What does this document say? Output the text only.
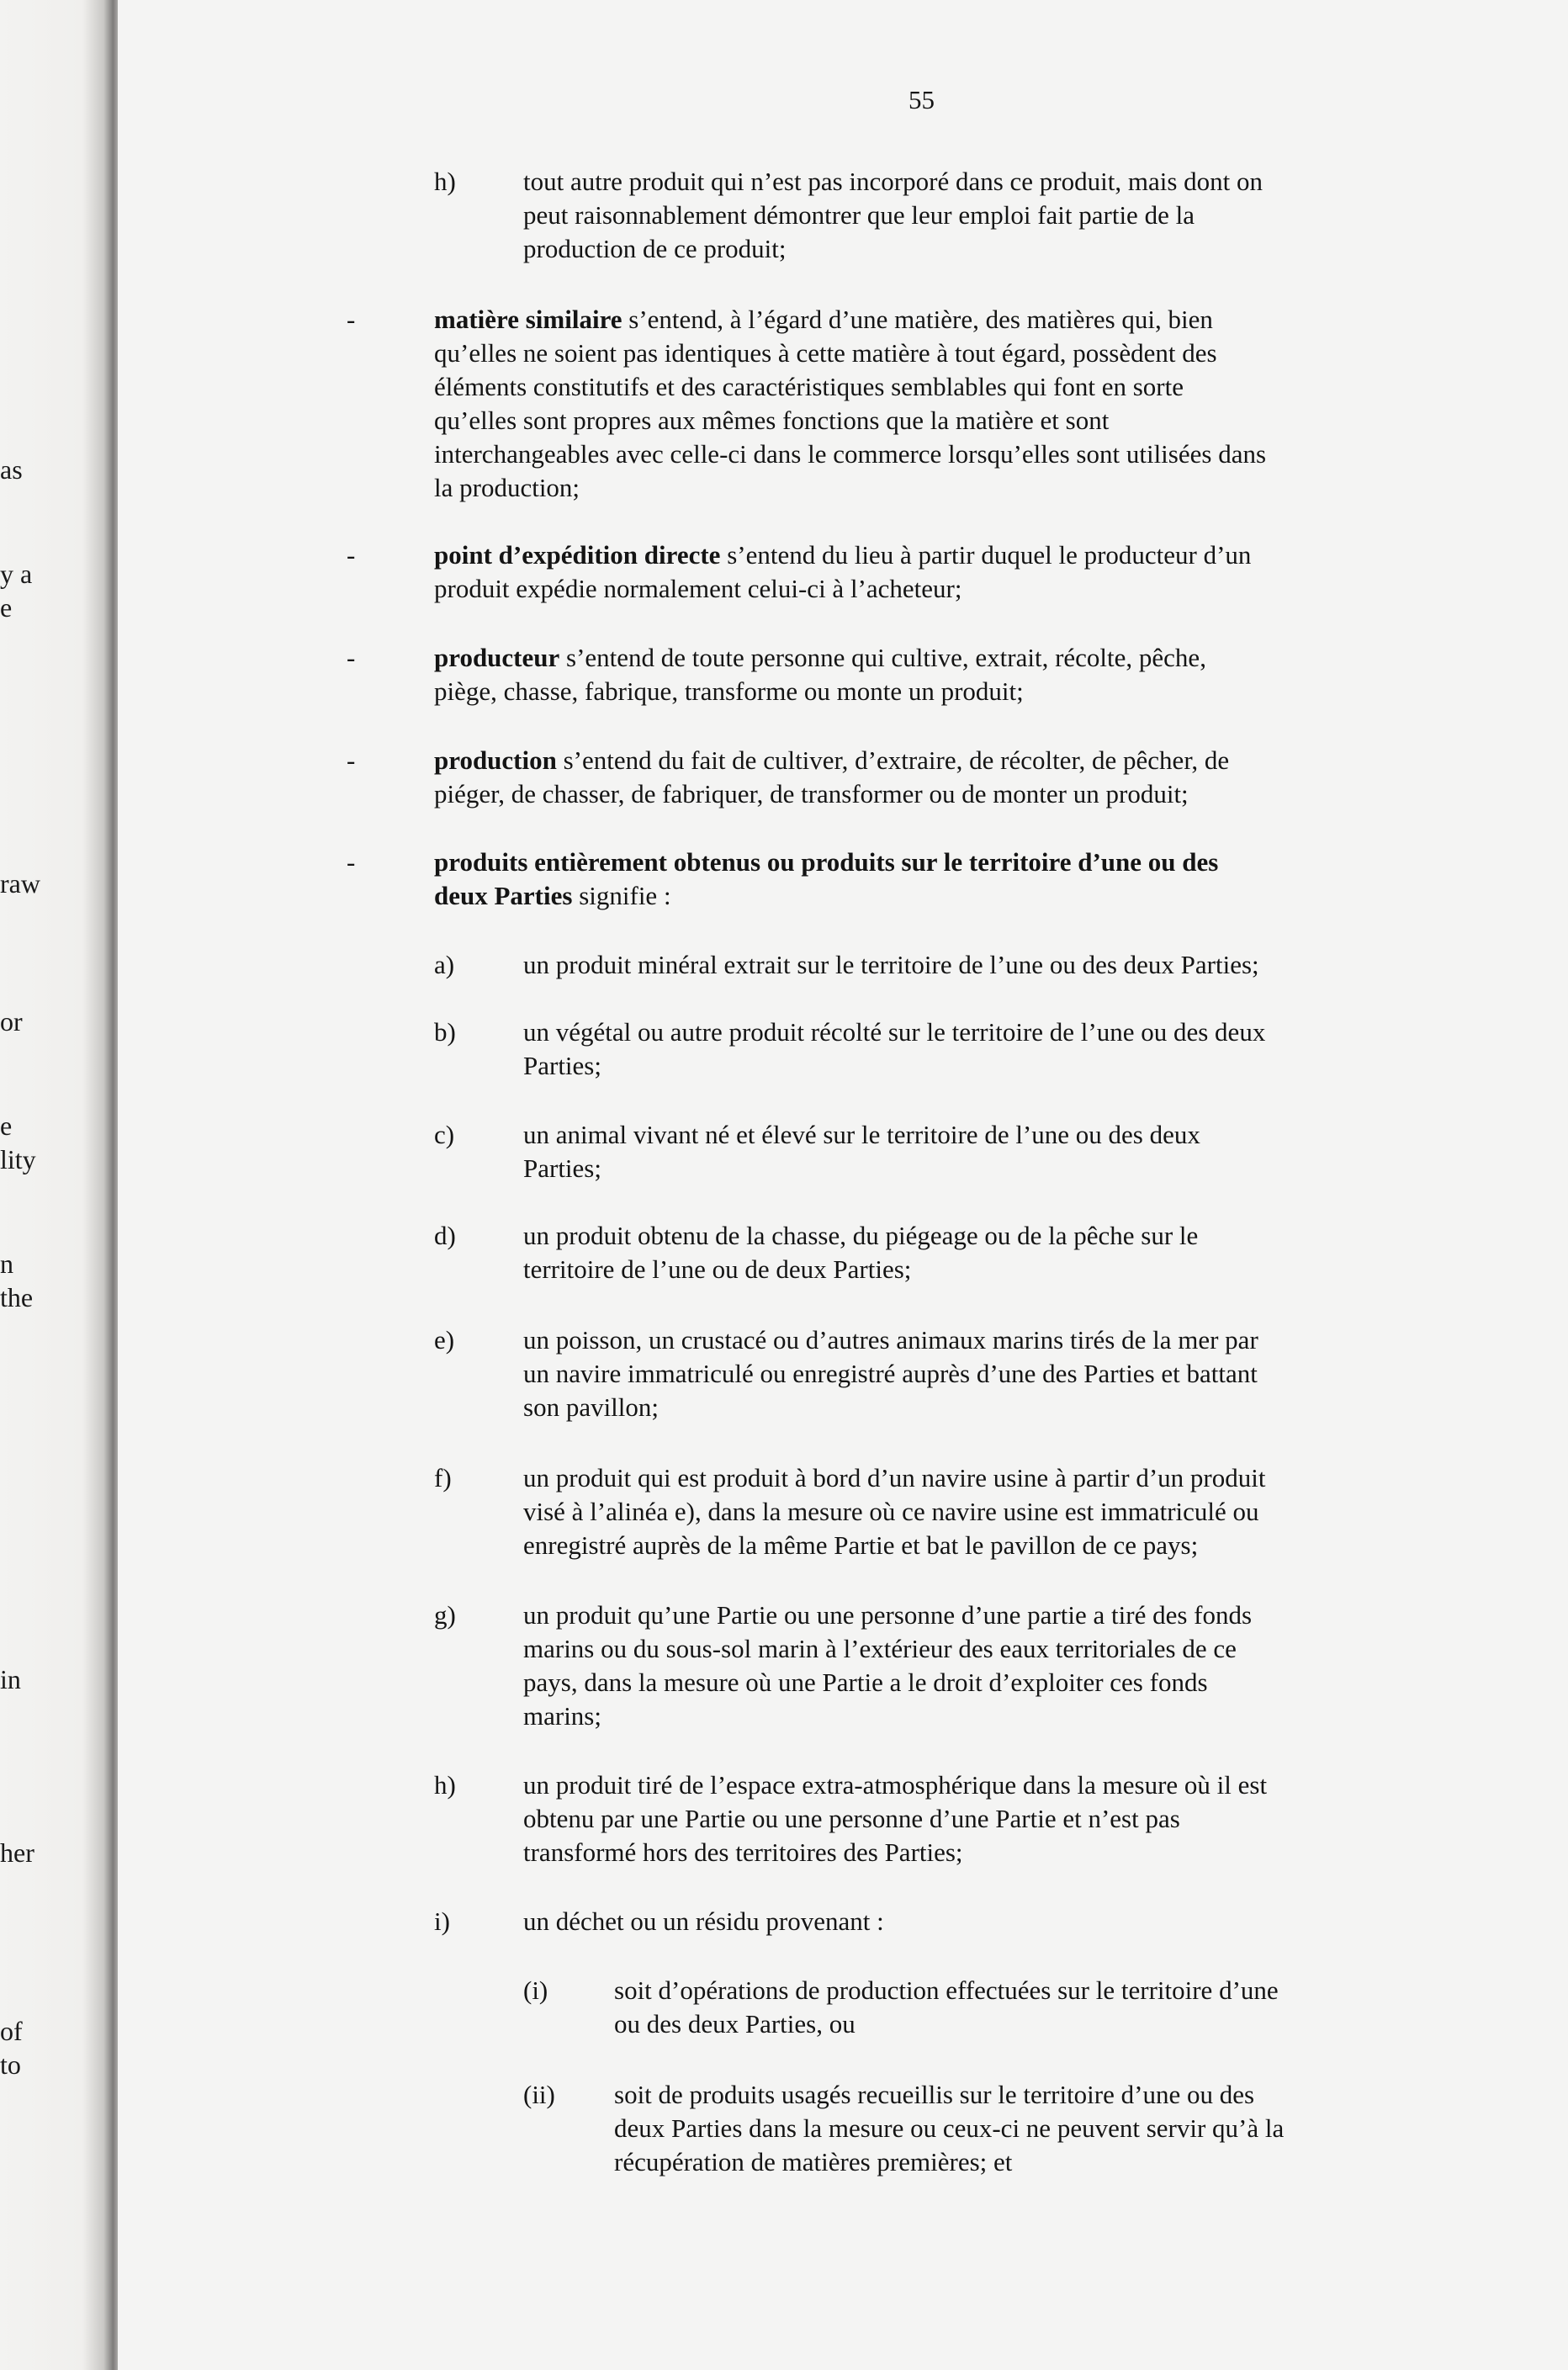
as
y a
e
raw
or
e
lity
n
the
in
her
of
to
55
h)	tout autre produit qui n’est pas incorporé dans ce produit, mais dont on
peut raisonnablement démontrer que leur emploi fait partie de la
production de ce produit;
-	matière similaire s’entend, à l’égard d’une matière, des matières qui, bien
qu’elles ne soient pas identiques à cette matière à tout égard, possèdent des
éléments constitutifs et des caractéristiques semblables qui font en sorte
qu’elles sont propres aux mêmes fonctions que la matière et sont
interchangeables avec celle-ci dans le commerce lorsqu’elles sont utilisées dans
la production;
-	point d’expédition directe s’entend du lieu à partir duquel le producteur d’un
produit expédie normalement celui-ci à l’acheteur;
-	producteur s’entend de toute personne qui cultive, extrait, récolte, pêche,
piège, chasse, fabrique, transforme ou monte un produit;
-	production s’entend du fait de cultiver, d’extraire, de récolter, de pêcher, de
piéger, de chasser, de fabriquer, de transformer ou de monter un produit;
-	produits entièrement obtenus ou produits sur le territoire d’une ou des
deux Parties signifie :
a)	un produit minéral extrait sur le territoire de l’une ou des deux Parties;
b)	un végétal ou autre produit récolté sur le territoire de l’une ou des deux
Parties;
c)	un animal vivant né et élevé sur le territoire de l’une ou des deux
Parties;
d)	un produit obtenu de la chasse, du piégeage ou de la pêche sur le
territoire de l’une ou de deux Parties;
e)	un poisson, un crustacé ou d’autres animaux marins tirés de la mer par
un navire immatriculé ou enregistré auprès d’une des Parties et battant
son pavillon;
f)	un produit qui est produit à bord d’un navire usine à partir d’un produit
visé à l’alinéa e), dans la mesure où ce navire usine est immatriculé ou
enregistré auprès de la même Partie et bat le pavillon de ce pays;
g)	un produit qu’une Partie ou une personne d’une partie a tiré des fonds
marins ou du sous-sol marin à l’extérieur des eaux territoriales de ce
pays, dans la mesure où une Partie a le droit d’exploiter ces fonds
marins;
h)	un produit tiré de l’espace extra-atmosphérique dans la mesure où il est
obtenu par une Partie ou une personne d’une Partie et n’est pas
transformé hors des territoires des Parties;
i)	un déchet ou un résidu provenant :
(i)	soit d’opérations de production effectuées sur le territoire d’une
ou des deux Parties, ou
(ii) soit de produits usagés recueillis sur le territoire d’une ou des
deux Parties dans la mesure ou ceux-ci ne peuvent servir qu’à la
récupération de matières premières; et
